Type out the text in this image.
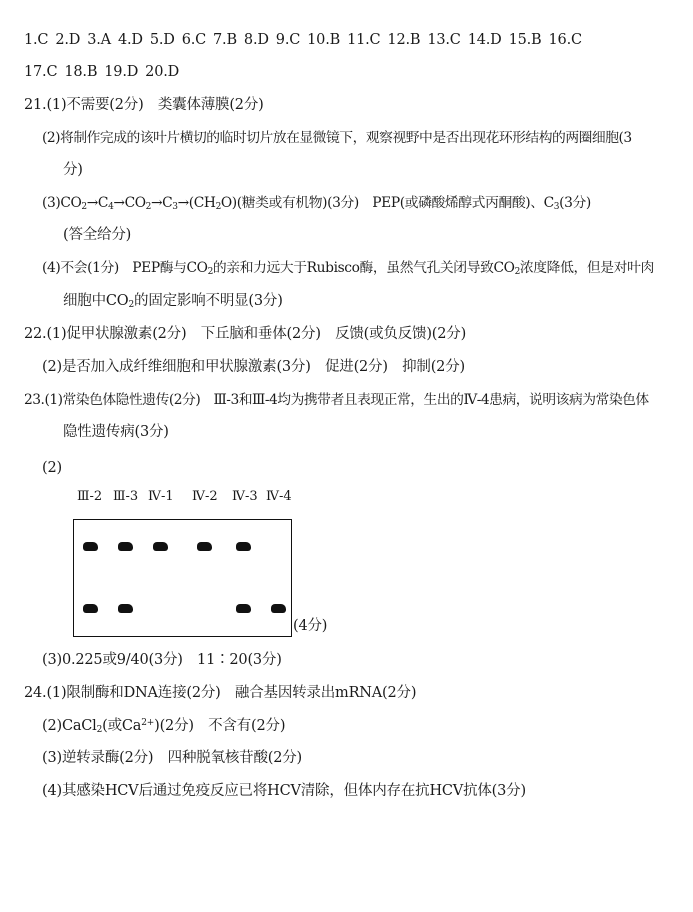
1.C 2.D 3.A 4.D 5.D 6.C 7.B 8.D 9.C 10.B 11.C 12.B 13.C 14.D 15.B 16.C
17.C 18.B 19.D 20.D
21.(1)不需要(2分)　类囊体薄膜(2分)
(2)将制作完成的该叶片横切的临时切片放在显微镜下，观察视野中是否出现花环形结构的两圈细胞(3
分)
$(3)CO_2\to C_4\to CO_2\to C_3\to(CH_2O)$(糖类或有机物)(3分)　PEP(或磷酸烯醇式丙酮酸)、$C_3(3$分)
(答全给分)
(4)不会(1分)　PEP酶与$CO_2$的亲和力远大于Rubisco酶，虽然气孔关闭导致$CO_2$浓度降低，但是对叶肉
细胞中$CO_2$的固定影响不明显(3分)
22.(1)促甲状腺激素(2分)　下丘脑和垂体(2分)　反馈(或负反馈)(2分)
(2)是否加入成纤维细胞和甲状腺激素(3分)　促进(2分)　抑制(2分)
23.(1)常染色体隐性遗传(2分)　Ⅲ-3和Ⅲ-4均为携带者且表现正常，生出的Ⅳ-4患病，说明该病为常染色体
隐性遗传病(3分)
(2)
Ⅲ-2 Ⅲ-3 Ⅳ-1 Ⅳ-2 Ⅳ-3 Ⅳ-4
(4分)
(3)0.225或9/40(3分)　11∶20(3分)
24.(1)限制酶和DNA连接(2分)　融合基因转录出mRNA(2分)
(2)CaCl$_2$(或$Ca^{2+})(2$分)　不含有(2分)
(3)逆转录酶(2分)　四种脱氧核苷酸(2分)
(4)其感染HCV后通过免疫反应已将HCV清除，但体内存在抗HCV抗体(3分)
